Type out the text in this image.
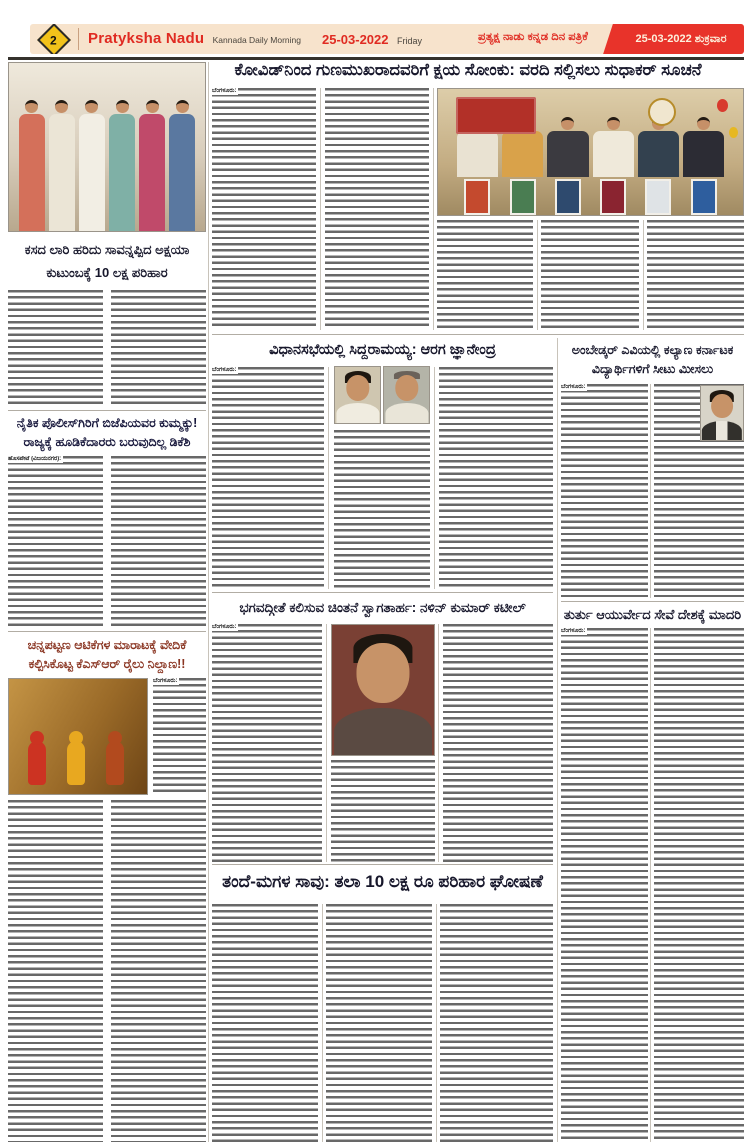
2	Pratyksha Nadu Kannada Daily Morning 25-03-2022 Friday	ಪ್ರತ್ಯಕ್ಷ ನಾಡು ಕನ್ನಡ ದಿನ ಪತ್ರಿಕೆ	25-03-2022 ಶುಕ್ರವಾರ
ಕಸದ ಲಾರಿ ಹರಿದು ಸಾವನ್ನಪ್ಪಿದ ಅಕ್ಷಯಾ ಕುಟುಂಬಕ್ಕೆ 10 ಲಕ್ಷ ಪರಿಹಾರ
ನೈತಿಕ ಪೊಲೀಸ್‌ಗಿರಿಗೆ ಬಿಜೆಪಿಯವರ ಕುಮ್ಮಕ್ಕು! ರಾಜ್ಯಕ್ಕೆ ಹೂಡಿಕೆದಾರರು ಬರುವುದಿಲ್ಲ ಡಿಕೆಶಿ
ಹೊಸಪೇಟೆ (ವಿಜಯನಗರ):
ಚನ್ನಪಟ್ಟಣ ಆಟಿಕೆಗಳ ಮಾರಾಟಕ್ಕೆ ವೇದಿಕೆ ಕಲ್ಪಿಸಿಕೊಟ್ಟ ಕೆಎಸ್ಆರ್ ರೈಲು ನಿಲ್ದಾಣ!!
ಬೆಂಗಳೂರು:
ಕೋವಿಡ್‌ನಿಂದ ಗುಣಮುಖರಾದವರಿಗೆ ಕ್ಷಯ ಸೋಂಕು: ವರದಿ ಸಲ್ಲಿಸಲು ಸುಧಾಕರ್ ಸೂಚನೆ
ಬೆಂಗಳೂರು:
ವಿಧಾನಸಭೆಯಲ್ಲಿ ಸಿದ್ದರಾಮಯ್ಯ: ಆರಗ ಜ್ಞಾನೇಂದ್ರ
ಬೆಂಗಳೂರು:
ಅಂಬೇಡ್ಕರ್ ಎವಿಯಲ್ಲಿ ಕಲ್ಯಾಣ ಕರ್ನಾಟಕ ವಿದ್ಯಾರ್ಥಿಗಳಿಗೆ ಸೀಟು ಮೀಸಲು
ಬೆಂಗಳೂರು:
ಭಗವದ್ಗೀತೆ ಕಲಿಸುವ ಚಿಂತನೆ ಸ್ವಾಗತಾರ್ಹ: ನಳಿನ್ ಕುಮಾರ್ ಕಟೀಲ್
ಬೆಂಗಳೂರು:
ತುರ್ತು ಆಯುರ್ವೇದ ಸೇವೆ ದೇಶಕ್ಕೆ ಮಾದರಿ
ಬೆಂಗಳೂರು:
ತಂದೆ-ಮಗಳ ಸಾವು: ತಲಾ 10 ಲಕ್ಷ ರೂ ಪರಿಹಾರ ಘೋಷಣೆ
